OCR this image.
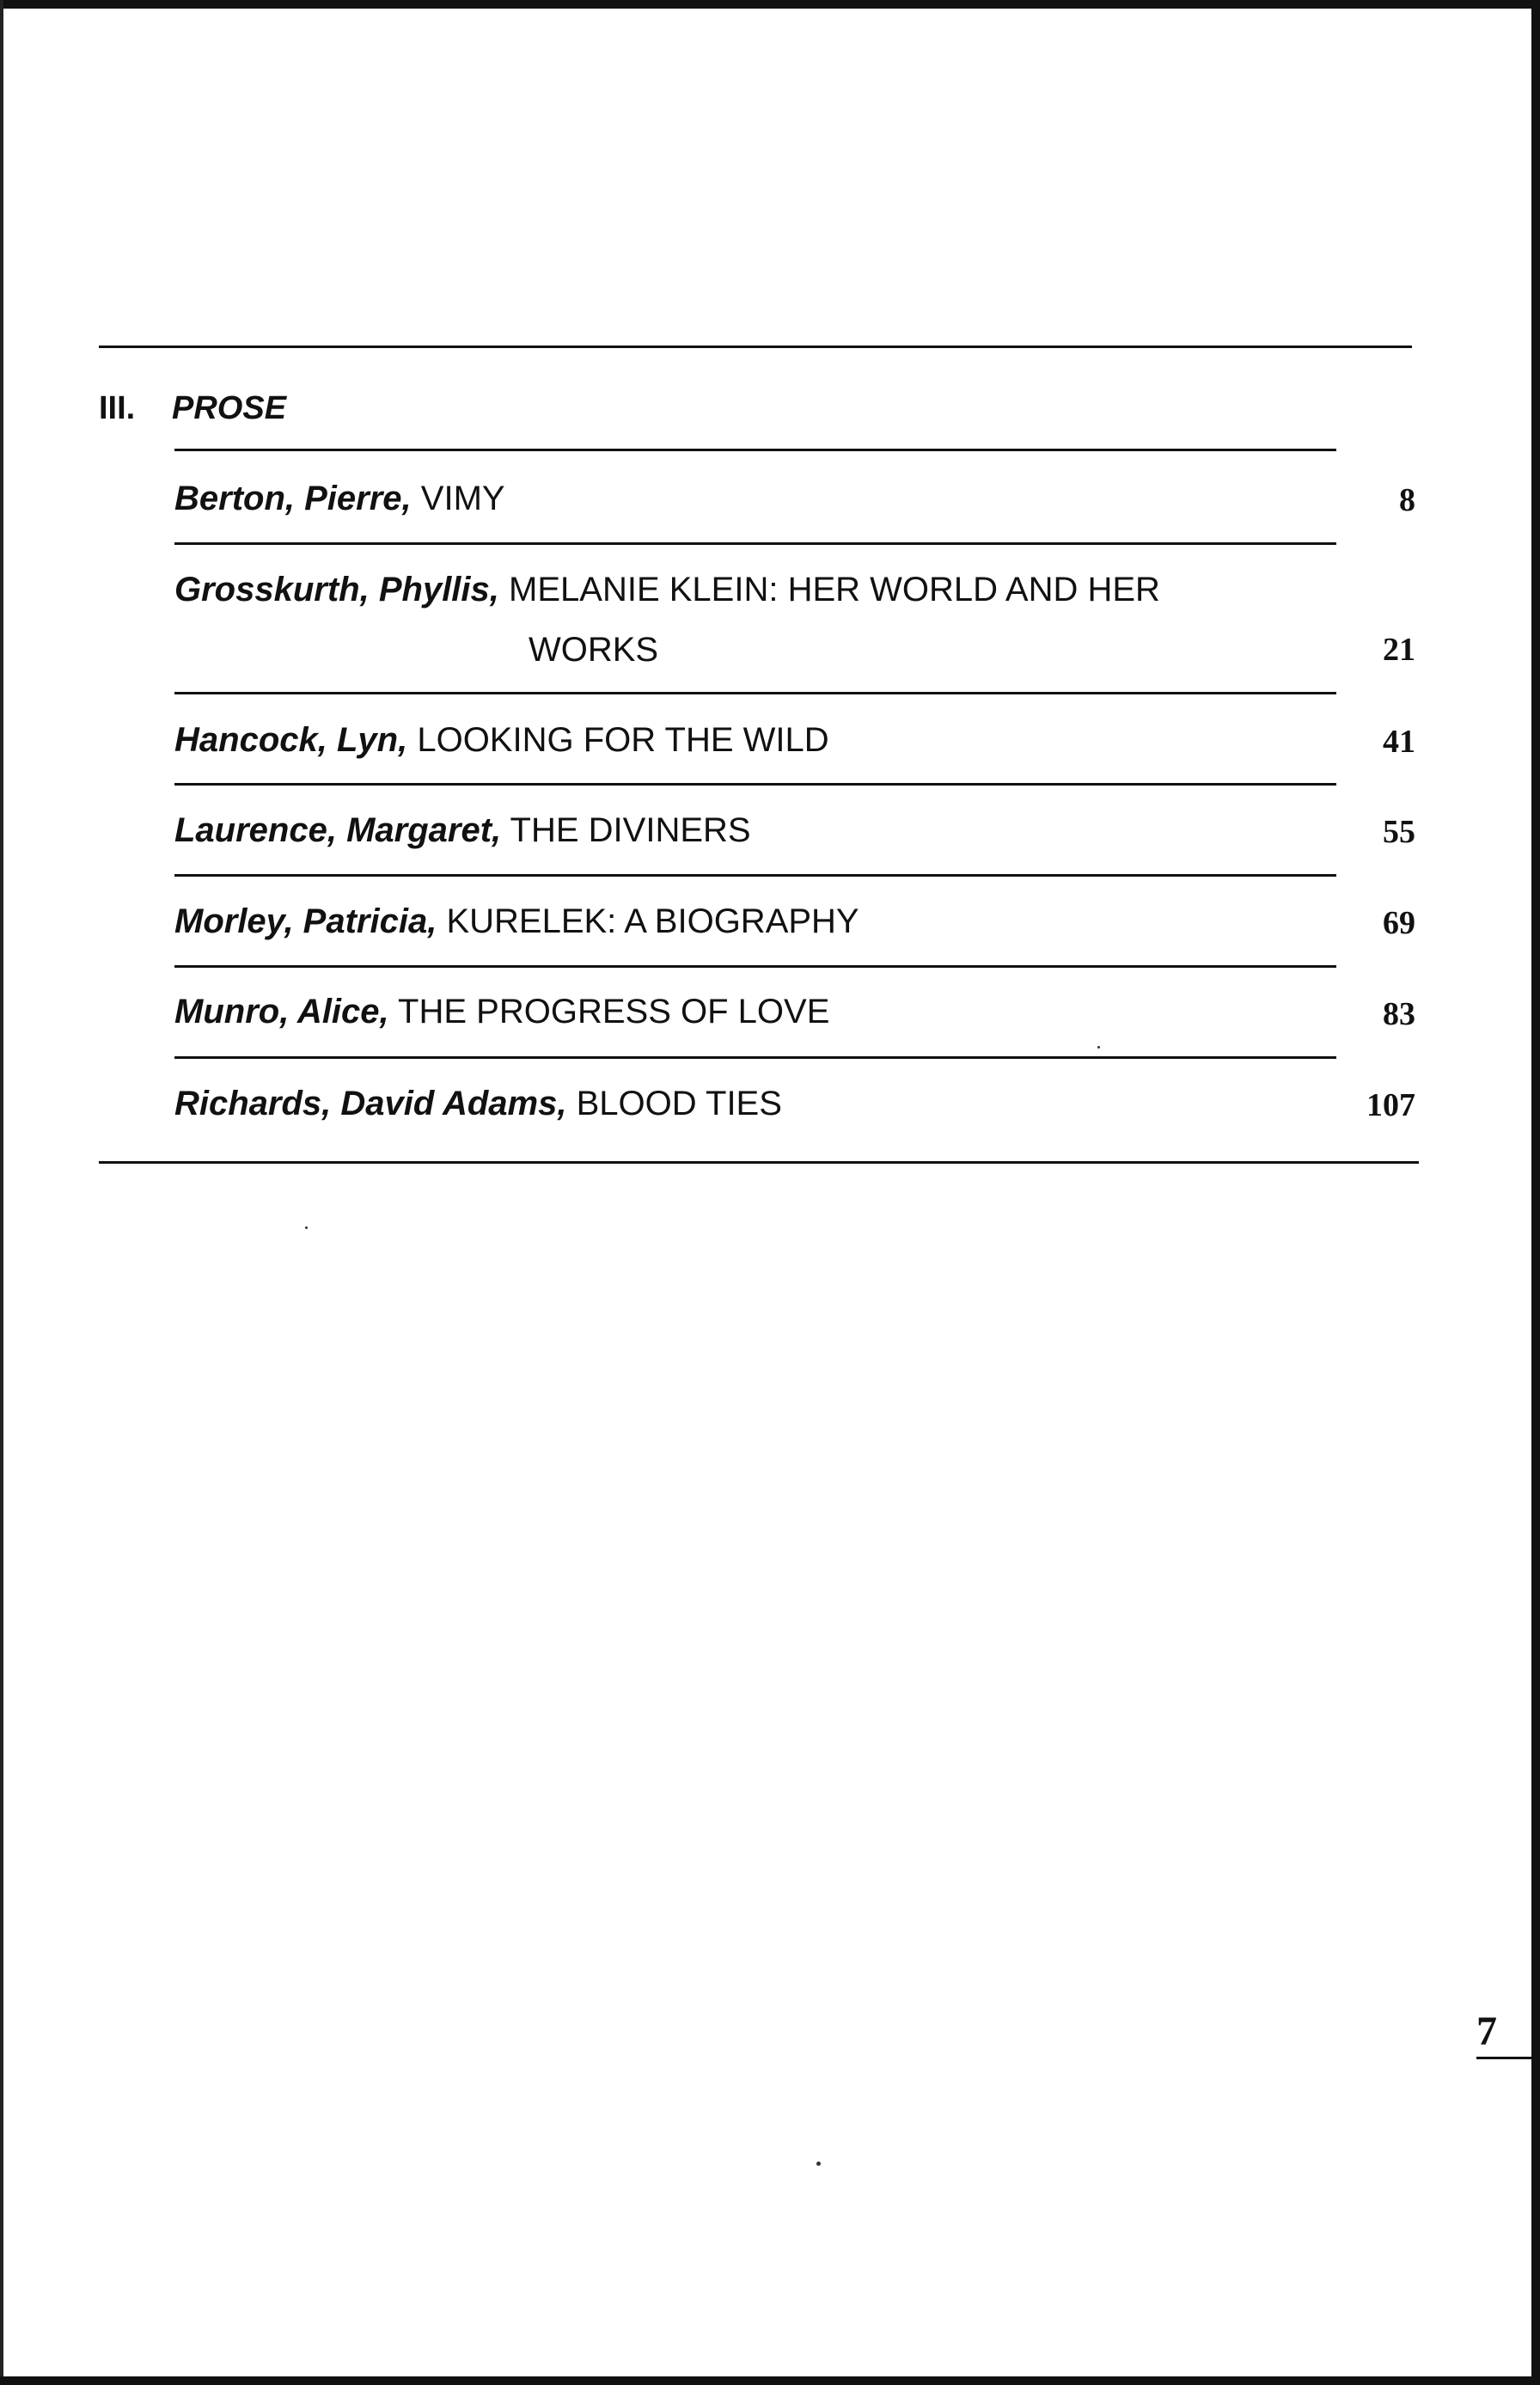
III. PROSE
Berton, Pierre, VIMY	8
Grosskurth, Phyllis, MELANIE KLEIN: HER WORLD AND HER
WORKS	21
Hancock, Lyn, LOOKING FOR THE WILD	41
Laurence, Margaret, THE DIVINERS	55
Morley, Patricia, KURELEK: A BIOGRAPHY	69
Munro, Alice, THE PROGRESS OF LOVE	83
Richards, David Adams, BLOOD TIES	107
7
